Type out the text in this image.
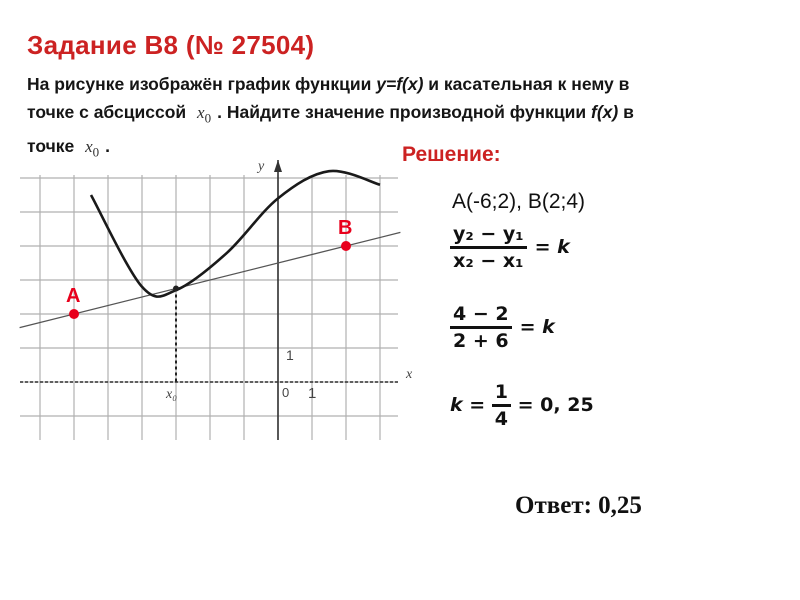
Задание B8 (№ 27504)
На рисунке изображён график функции y=f(x) и касательная к нему в точке с абсциссой $x_0$ . Найдите значение производной функции f(x) в точке $x_0$ .
A
B
y
x
1
1
0
x₀
Решение:
А(-6;2), В(2;4)
$\frac{\text{y₂ − y₁}}{\text{x₂ − x₁}} = k$
$\frac{4 - 2}{2 + 6} = k$
$k = \frac{1}{4} = 0$, 25
Ответ: 0,25
